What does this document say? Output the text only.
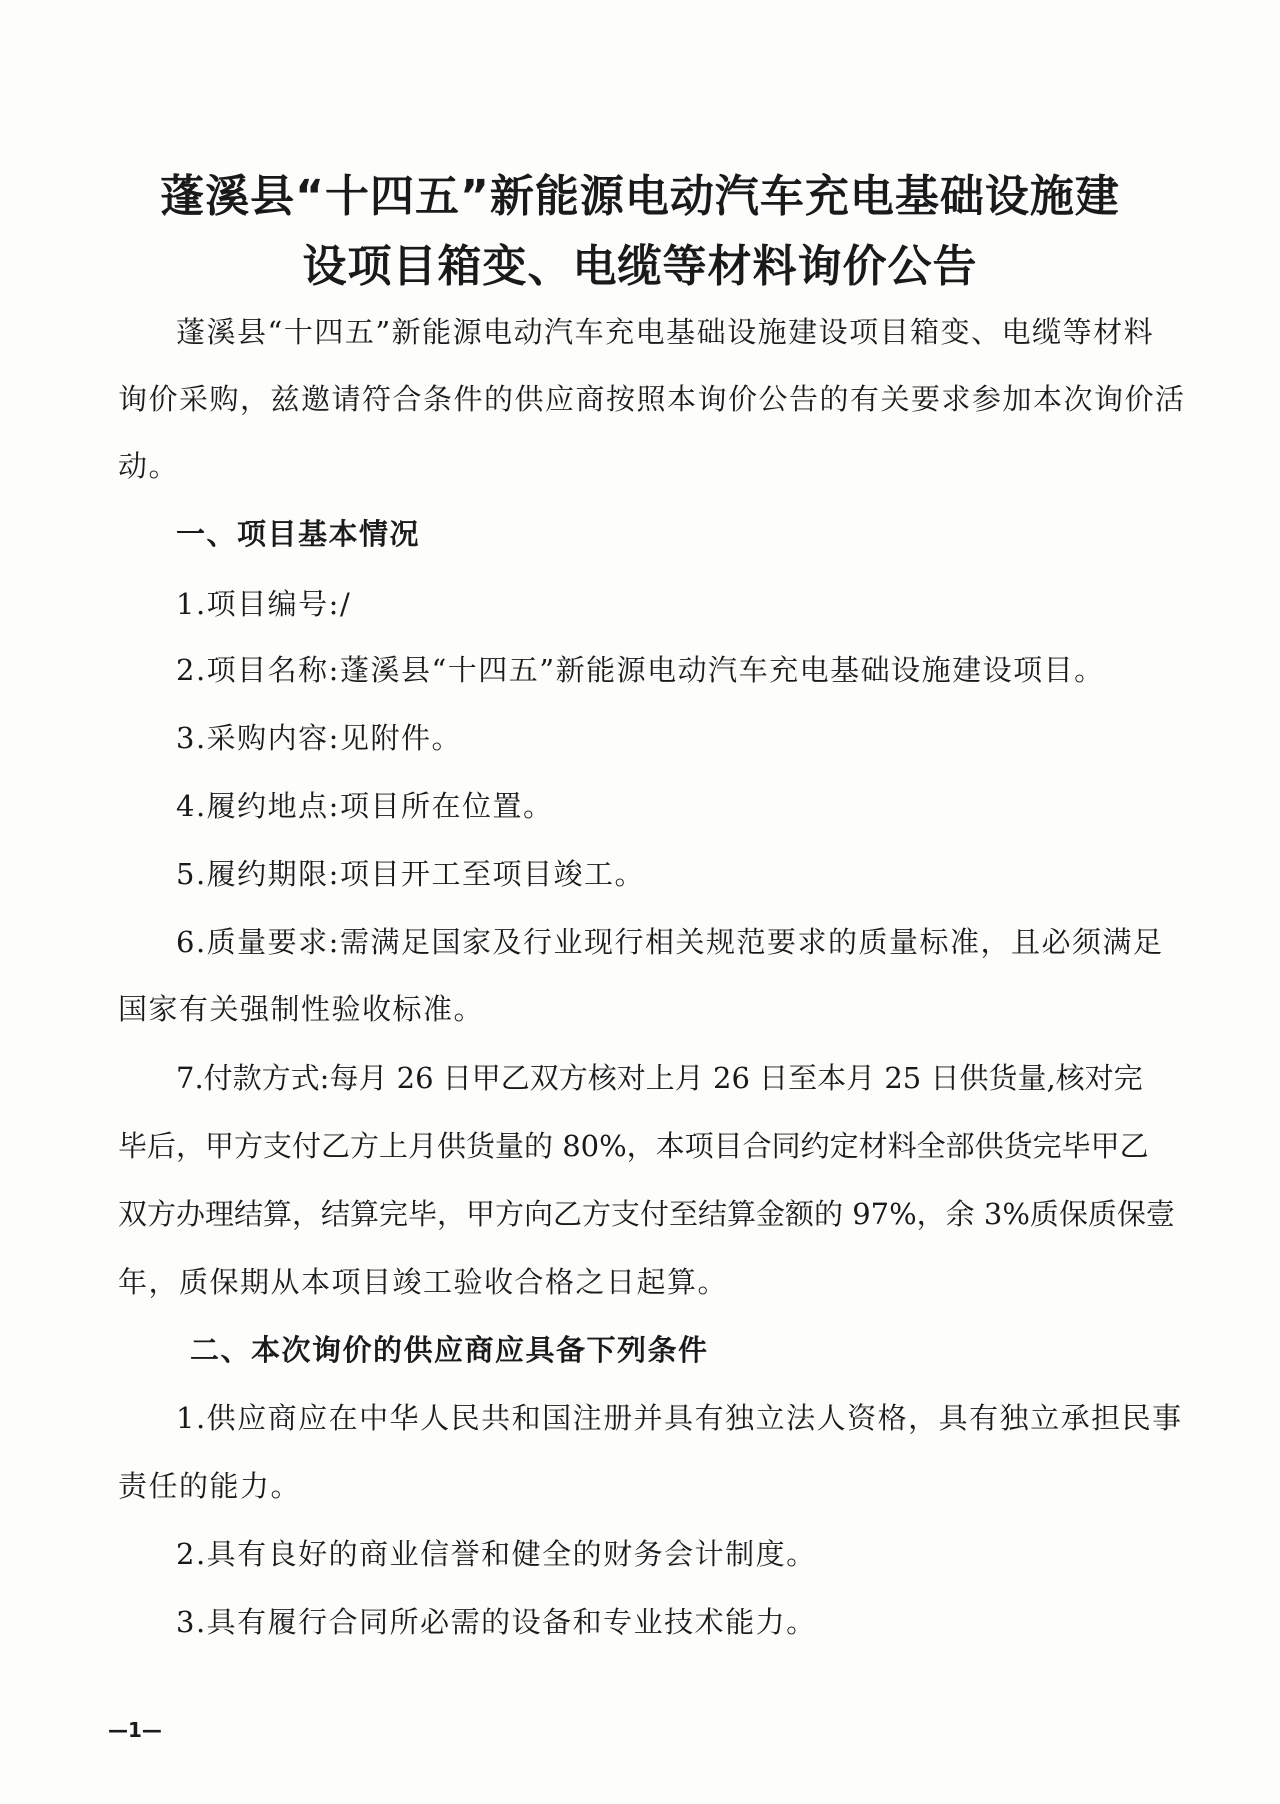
蓬溪县“十四五”新能源电动汽车充电基础设施建
设项目箱变、电缆等材料询价公告
蓬溪县“十四五”新能源电动汽车充电基础设施建设项目箱变、电缆等材料
询价采购，兹邀请符合条件的供应商按照本询价公告的有关要求参加本次询价活
动。
一、项目基本情况
1.项目编号:/
2.项目名称:蓬溪县“十四五”新能源电动汽车充电基础设施建设项目。
3.采购内容:见附件。
4.履约地点:项目所在位置。
5.履约期限:项目开工至项目竣工。
6.质量要求:需满足国家及行业现行相关规范要求的质量标准，且必须满足
国家有关强制性验收标准。
7.付款方式:每月 26 日甲乙双方核对上月 26 日至本月 25 日供货量,核对完
毕后，甲方支付乙方上月供货量的 80%，本项目合同约定材料全部供货完毕甲乙
双方办理结算，结算完毕，甲方向乙方支付至结算金额的 97%，余 3%质保质保壹
年，质保期从本项目竣工验收合格之日起算。
二、本次询价的供应商应具备下列条件
1.供应商应在中华人民共和国注册并具有独立法人资格，具有独立承担民事
责任的能力。
2.具有良好的商业信誉和健全的财务会计制度。
3.具有履行合同所必需的设备和专业技术能力。
—1—
